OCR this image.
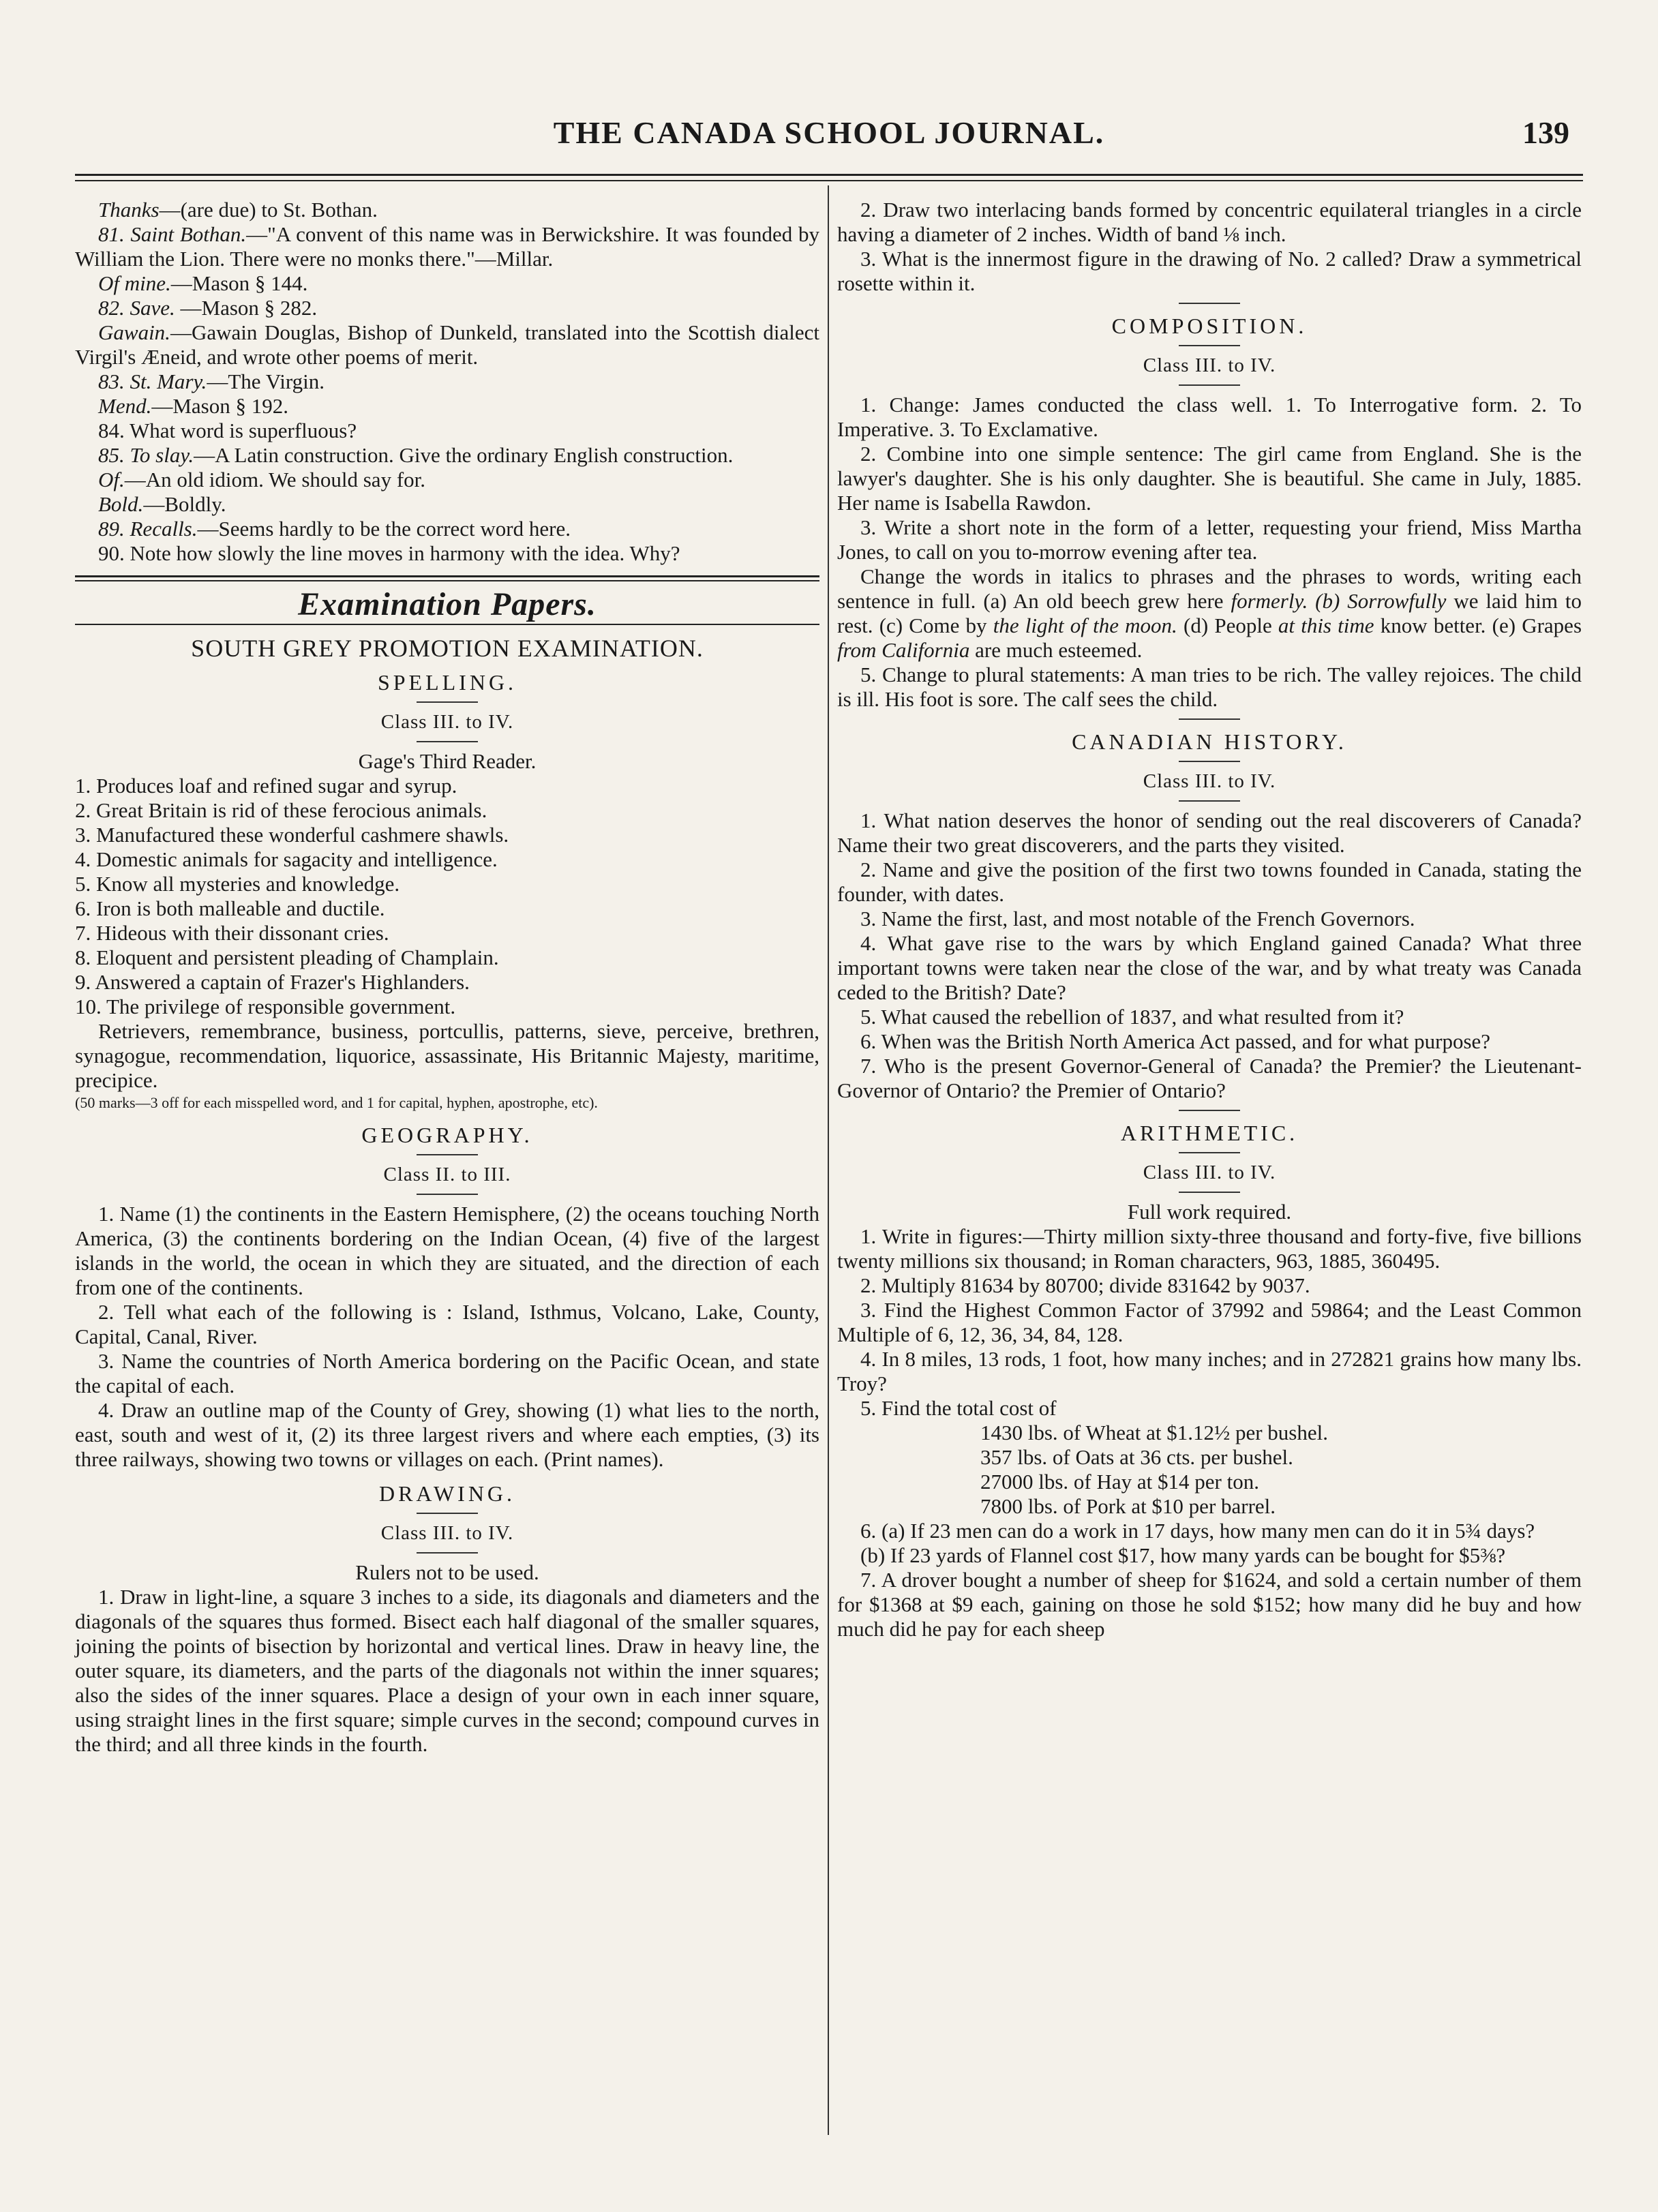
THE CANADA SCHOOL JOURNAL.	139

Thanks—(are due) to St. Bothan.

81. Saint Bothan.—"A convent of this name was in Berwickshire. It was founded by William the Lion. There were no monks there."—Millar.

Of mine.—Mason § 144.

82. Save. —Mason § 282.

Gawain.—Gawain Douglas, Bishop of Dunkeld, translated into the Scottish dialect Virgil's Æneid, and wrote other poems of merit.

83. St. Mary.—The Virgin.

Mend.—Mason § 192.

84. What word is superfluous?

85. To slay.—A Latin construction. Give the ordinary English construction.

Of.—An old idiom. We should say for.

Bold.—Boldly.

89. Recalls.—Seems hardly to be the correct word here.

90. Note how slowly the line moves in harmony with the idea. Why?

Examination Papers.
SOUTH GREY PROMOTION EXAMINATION.
SPELLING.
Class III. to IV.
Gage's Third Reader.
1. Produces loaf and refined sugar and syrup.
2. Great Britain is rid of these ferocious animals.
3. Manufactured these wonderful cashmere shawls.
4. Domestic animals for sagacity and intelligence.
5. Know all mysteries and knowledge.
6. Iron is both malleable and ductile.
7. Hideous with their dissonant cries.
8. Eloquent and persistent pleading of Champlain.
9. Answered a captain of Frazer's Highlanders.
10. The privilege of responsible government.

Retrievers, remembrance, business, portcullis, patterns, sieve, perceive, brethren, synagogue, recommendation, liquorice, assassinate, His Britannic Majesty, maritime, precipice.

(50 marks—3 off for each misspelled word, and 1 for capital, hyphen, apostrophe, etc).

GEOGRAPHY.
Class II. to III.

1. Name (1) the continents in the Eastern Hemisphere, (2) the oceans touching North America, (3) the continents bordering on the Indian Ocean, (4) five of the largest islands in the world, the ocean in which they are situated, and the direction of each from one of the continents.

2. Tell what each of the following is : Island, Isthmus, Volcano, Lake, County, Capital, Canal, River.

3. Name the countries of North America bordering on the Pacific Ocean, and state the capital of each.

4. Draw an outline map of the County of Grey, showing (1) what lies to the north, east, south and west of it, (2) its three largest rivers and where each empties, (3) its three railways, showing two towns or villages on each. (Print names).

DRAWING.
Class III. to IV.
Rulers not to be used.

1. Draw in light-line, a square 3 inches to a side, its diagonals and diameters and the diagonals of the squares thus formed. Bisect each half diagonal of the smaller squares, joining the points of bisection by horizontal and vertical lines. Draw in heavy line, the outer square, its diameters, and the parts of the diagonals not within the inner squares; also the sides of the inner squares. Place a design of your own in each inner square, using straight lines in the first square; simple curves in the second; compound curves in the third; and all three kinds in the fourth.

2. Draw two interlacing bands formed by concentric equilateral triangles in a circle having a diameter of 2 inches. Width of band ⅛ inch.

3. What is the innermost figure in the drawing of No. 2 called? Draw a symmetrical rosette within it.

COMPOSITION.
Class III. to IV.

1. Change: James conducted the class well. 1. To Interrogative form. 2. To Imperative. 3. To Exclamative.

2. Combine into one simple sentence: The girl came from England. She is the lawyer's daughter. She is his only daughter. She is beautiful. She came in July, 1885. Her name is Isabella Rawdon.

3. Write a short note in the form of a letter, requesting your friend, Miss Martha Jones, to call on you to-morrow evening after tea.

Change the words in italics to phrases and the phrases to words, writing each sentence in full. (a) An old beech grew here formerly. (b) Sorrowfully we laid him to rest. (c) Come by the light of the moon. (d) People at this time know better. (e) Grapes from California are much esteemed.

5. Change to plural statements: A man tries to be rich. The valley rejoices. The child is ill. His foot is sore. The calf sees the child.

CANADIAN HISTORY.
Class III. to IV.

1. What nation deserves the honor of sending out the real discoverers of Canada? Name their two great discoverers, and the parts they visited.

2. Name and give the position of the first two towns founded in Canada, stating the founder, with dates.

3. Name the first, last, and most notable of the French Governors.

4. What gave rise to the wars by which England gained Canada? What three important towns were taken near the close of the war, and by what treaty was Canada ceded to the British? Date?

5. What caused the rebellion of 1837, and what resulted from it?

6. When was the British North America Act passed, and for what purpose?

7. Who is the present Governor-General of Canada? the Premier? the Lieutenant-Governor of Ontario? the Premier of Ontario?

ARITHMETIC.
Class III. to IV.
Full work required.

1. Write in figures:—Thirty million sixty-three thousand and forty-five, five billions twenty millions six thousand; in Roman characters, 963, 1885, 360495.

2. Multiply 81634 by 80700; divide 831642 by 9037.

3. Find the Highest Common Factor of 37992 and 59864; and the Least Common Multiple of 6, 12, 36, 34, 84, 128.

4. In 8 miles, 13 rods, 1 foot, how many inches; and in 272821 grains how many lbs. Troy?

5. Find the total cost of

1430 lbs. of Wheat at $1.12½ per bushel.
357 lbs. of Oats at 36 cts. per bushel.
27000 lbs. of Hay at $14 per ton.
7800 lbs. of Pork at $10 per barrel.

6. (a) If 23 men can do a work in 17 days, how many men can do it in 5¾ days?

(b) If 23 yards of Flannel cost $17, how many yards can be bought for $5⅜?

7. A drover bought a number of sheep for $1624, and sold a certain number of them for $1368 at $9 each, gaining on those he sold $152; how many did he buy and how much did he pay for each sheep
